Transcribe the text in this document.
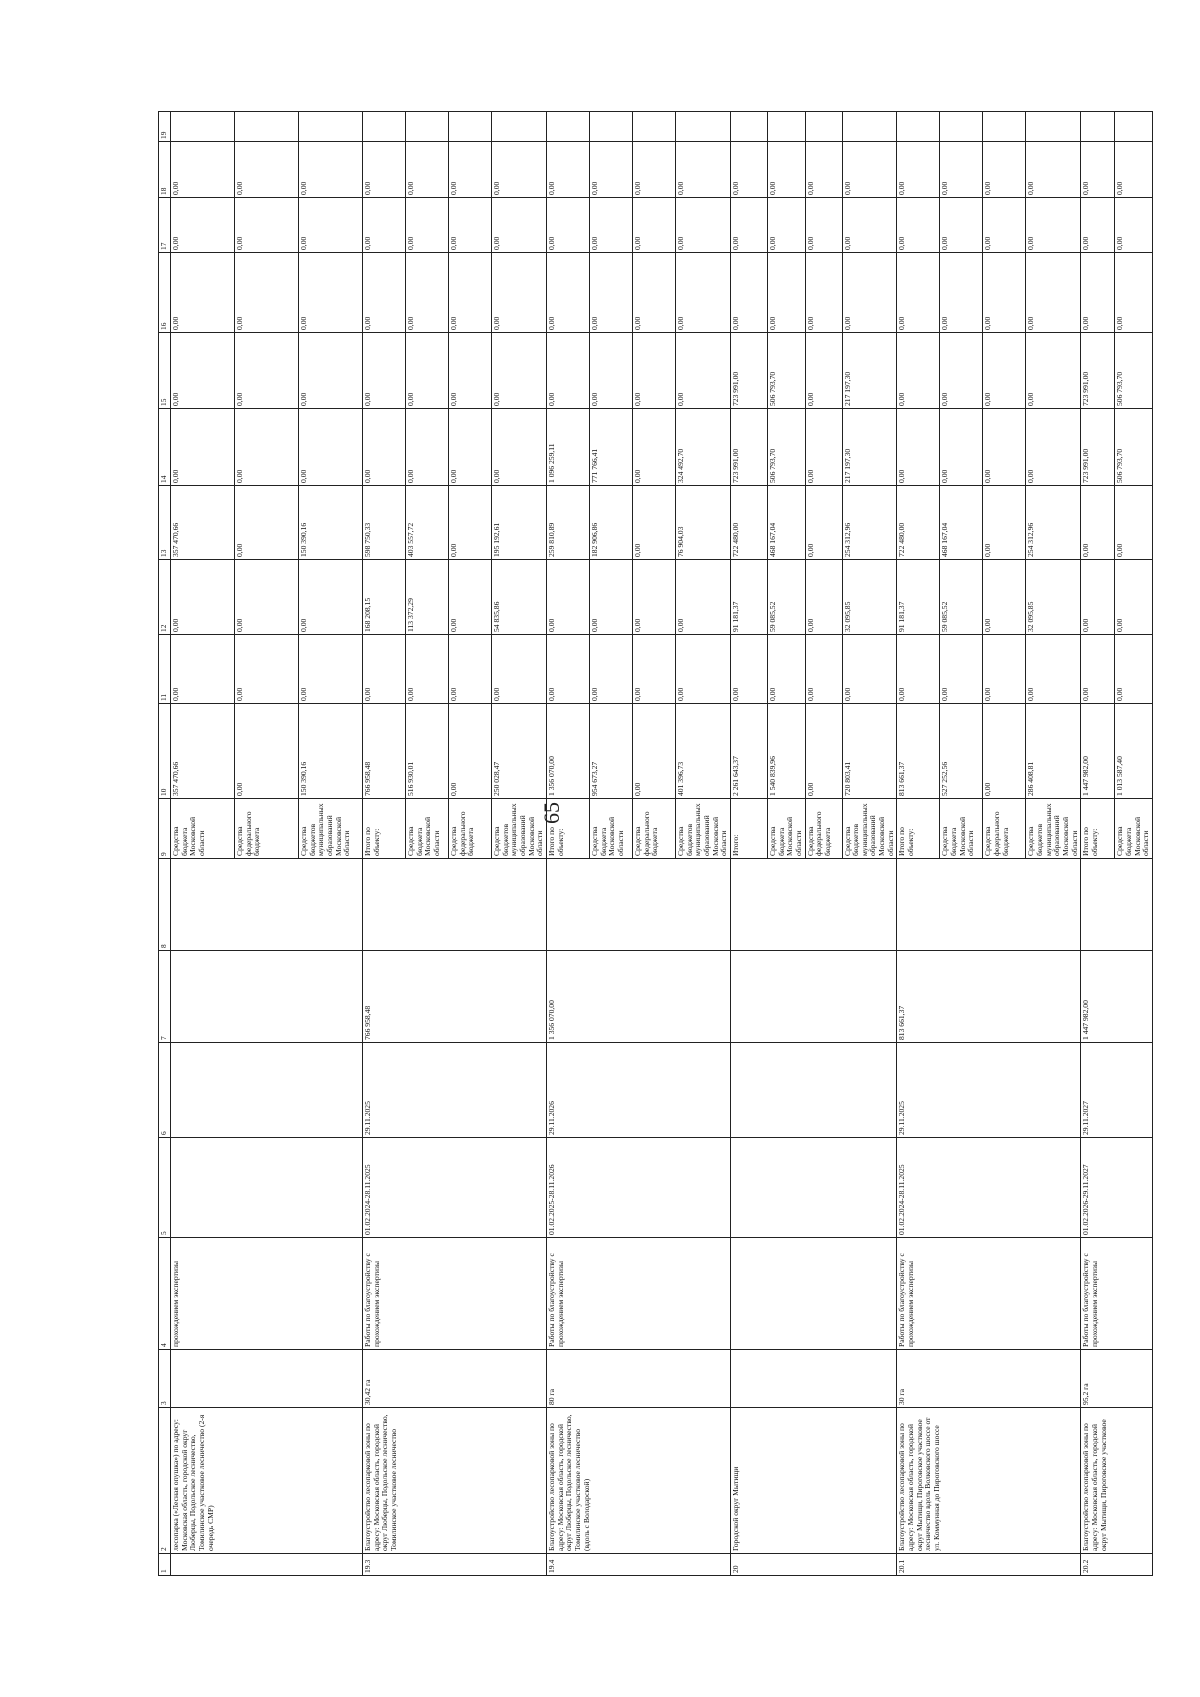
65
1	2	3	4	5	6	7	8	9	10	11	12	13	14	15	16	17	18	19
	лесопарка («Лесная опушка») по адресу: Московская область, городской округ Люберцы, Подольское лесничество, Томилинское участковое лесничество (2-я очередь СМР)		прохождением экспертизы					Средства бюджета Московской области	357 470,66	0,00	0,00	357 470,66	0,00	0,00	0,00	0,00	0,00	
								Средства федерального бюджета	0,00	0,00	0,00	0,00	0,00	0,00	0,00	0,00	0,00	
								Средства бюджетов муниципальных образований Московской области	150 390,16	0,00	0,00	150 390,16	0,00	0,00	0,00	0,00	0,00	
19.3	Благоустройство лесопарковой зоны по адресу: Московская область, городской округ Люберцы, Подольское лесничество, Томилинское участковое лесничество	30,42 га	Работы по благоустройству с прохождением экспертизы	01.02.2024-28.11.2025	29.11.2025	766 958,48		Итого по объекту:	766 958,48	0,00	168 208,15	598 750,33	0,00	0,00	0,00	0,00	0,00	
								Средства бюджета Московской области	516 930,01	0,00	113 372,29	403 557,72	0,00	0,00	0,00	0,00	0,00	
								Средства федерального бюджета	0,00	0,00	0,00	0,00	0,00	0,00	0,00	0,00	0,00	
								Средства бюджетов муниципальных образований Московской области	250 028,47	0,00	54 835,86	195 192,61	0,00	0,00	0,00	0,00	0,00	
19.4	Благоустройство лесопарковой зоны по адресу: Московская область, городской округ Люберцы, Подольское лесничество, Томилинское участковое лесничество (вдоль с Володарской)	80 га	Работы по благоустройству с прохождением экспертизы	01.02.2025-28.11.2026	29.11.2026	1 356 070,00		Итого по объекту:	1 356 070,00	0,00	0,00	259 810,89	1 096 259,11	0,00	0,00	0,00	0,00	
								Средства бюджета Московской области	954 673,27	0,00	0,00	182 906,86	771 766,41	0,00	0,00	0,00	0,00	
								Средства федерального бюджета	0,00	0,00	0,00	0,00	0,00	0,00	0,00	0,00	0,00	
								Средства бюджетов муниципальных образований Московской области	401 396,73	0,00	0,00	76 904,03	324 492,70	0,00	0,00	0,00	0,00	
20	Городской округ Мытищи							Итого:	2 261 643,37	0,00	91 181,37	722 480,00	723 991,00	723 991,00	0,00	0,00	0,00	
								Средства бюджета Московской области	1 540 839,96	0,00	59 085,52	468 167,04	506 793,70	506 793,70	0,00	0,00	0,00	
								Средства федерального бюджета	0,00	0,00	0,00	0,00	0,00	0,00	0,00	0,00	0,00	
								Средства бюджетов муниципальных образований Московской области	720 803,41	0,00	32 095,85	254 312,96	217 197,30	217 197,30	0,00	0,00	0,00	
20.1	Благоустройство лесопарковой зоны по адресу: Московская область, городской округ Мытищи, Пироговское участковое лесничество вдоль Волковского шоссе от ул. Коммунная до Пироговского шоссе	30 га	Работы по благоустройству с прохождением экспертизы	01.02.2024-28.11.2025	29.11.2025	813 661,37		Итого по объекту:	813 661,37	0,00	91 181,37	722 480,00	0,00	0,00	0,00	0,00	0,00	
								Средства бюджета Московской области	527 252,56	0,00	59 085,52	468 167,04	0,00	0,00	0,00	0,00	0,00	
								Средства федерального бюджета	0,00	0,00	0,00	0,00	0,00	0,00	0,00	0,00	0,00	
								Средства бюджетов муниципальных образований Московской области	286 408,81	0,00	32 095,85	254 312,96	0,00	0,00	0,00	0,00	0,00	
20.2	Благоустройство лесопарковой зоны по адресу: Московская область, городской округ Мытищи, Пироговское участковое	95,2 га	Работы по благоустройству с прохождением экспертизы	01.02.2026-29.11.2027	29.11.2027	1 447 982,00		Итого по объекту:	1 447 982,00	0,00	0,00	0,00	723 991,00	723 991,00	0,00	0,00	0,00	
								Средства бюджета Московской области	1 013 587,40	0,00	0,00	0,00	506 793,70	506 793,70	0,00	0,00	0,00	
